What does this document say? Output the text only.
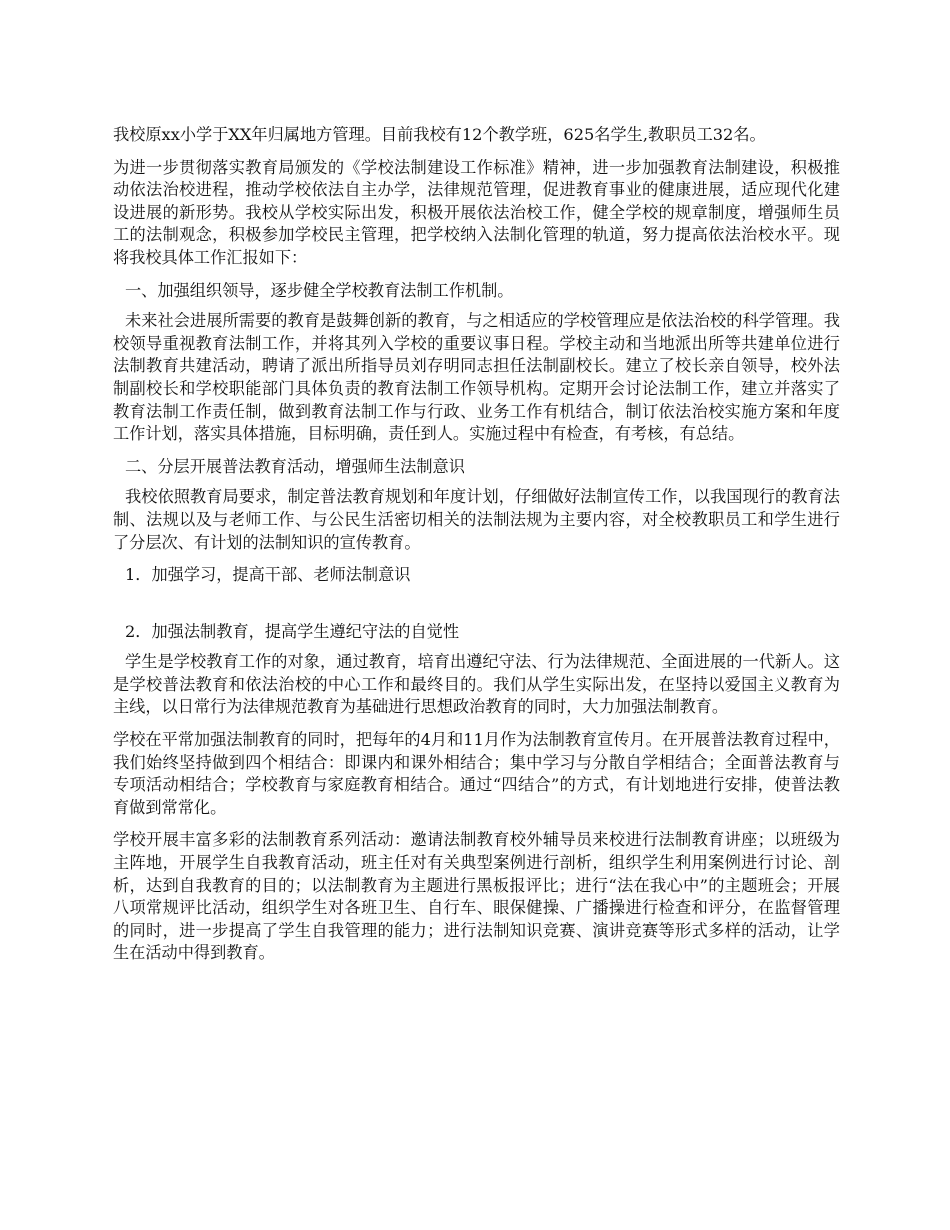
我校原xx小学于XX年归属地方管理。目前我校有12个教学班，625名学生,教职员工32名。

为进一步贯彻落实教育局颁发的《学校法制建设工作标准》精神，进一步加强教育法制建设，积极推动依法治校进程，推动学校依法自主办学，法律规范管理，促进教育事业的健康进展，适应现代化建设进展的新形势。我校从学校实际出发，积极开展依法治校工作，健全学校的规章制度，增强师生员工的法制观念，积极参加学校民主管理，把学校纳入法制化管理的轨道，努力提高依法治校水平。现将我校具体工作汇报如下：

一、加强组织领导，逐步健全学校教育法制工作机制。

未来社会进展所需要的教育是鼓舞创新的教育，与之相适应的学校管理应是依法治校的科学管理。我校领导重视教育法制工作，并将其列入学校的重要议事日程。学校主动和当地派出所等共建单位进行法制教育共建活动，聘请了派出所指导员刘存明同志担任法制副校长。建立了校长亲自领导，校外法制副校长和学校职能部门具体负责的教育法制工作领导机构。定期开会讨论法制工作，建立并落实了教育法制工作责任制，做到教育法制工作与行政、业务工作有机结合，制订依法治校实施方案和年度工作计划，落实具体措施，目标明确，责任到人。实施过程中有检查，有考核，有总结。

二、分层开展普法教育活动，增强师生法制意识

我校依照教育局要求，制定普法教育规划和年度计划，仔细做好法制宣传工作，以我国现行的教育法制、法规以及与老师工作、与公民生活密切相关的法制法规为主要内容，对全校教职员工和学生进行了分层次、有计划的法制知识的宣传教育。

1．加强学习，提高干部、老师法制意识

2．加强法制教育，提高学生遵纪守法的自觉性

学生是学校教育工作的对象，通过教育，培育出遵纪守法、行为法律规范、全面进展的一代新人。这是学校普法教育和依法治校的中心工作和最终目的。我们从学生实际出发，在坚持以爱国主义教育为主线，以日常行为法律规范教育为基础进行思想政治教育的同时，大力加强法制教育。

学校在平常加强法制教育的同时，把每年的4月和11月作为法制教育宣传月。在开展普法教育过程中，我们始终坚持做到四个相结合：即课内和课外相结合；集中学习与分散自学相结合；全面普法教育与专项活动相结合；学校教育与家庭教育相结合。通过“四结合”的方式，有计划地进行安排，使普法教育做到常常化。

学校开展丰富多彩的法制教育系列活动：邀请法制教育校外辅导员来校进行法制教育讲座；以班级为主阵地，开展学生自我教育活动，班主任对有关典型案例进行剖析，组织学生利用案例进行讨论、剖析，达到自我教育的目的；以法制教育为主题进行黑板报评比；进行“法在我心中”的主题班会；开展八项常规评比活动，组织学生对各班卫生、自行车、眼保健操、广播操进行检查和评分，在监督管理的同时，进一步提高了学生自我管理的能力；进行法制知识竞赛、演讲竞赛等形式多样的活动，让学生在活动中得到教育。
